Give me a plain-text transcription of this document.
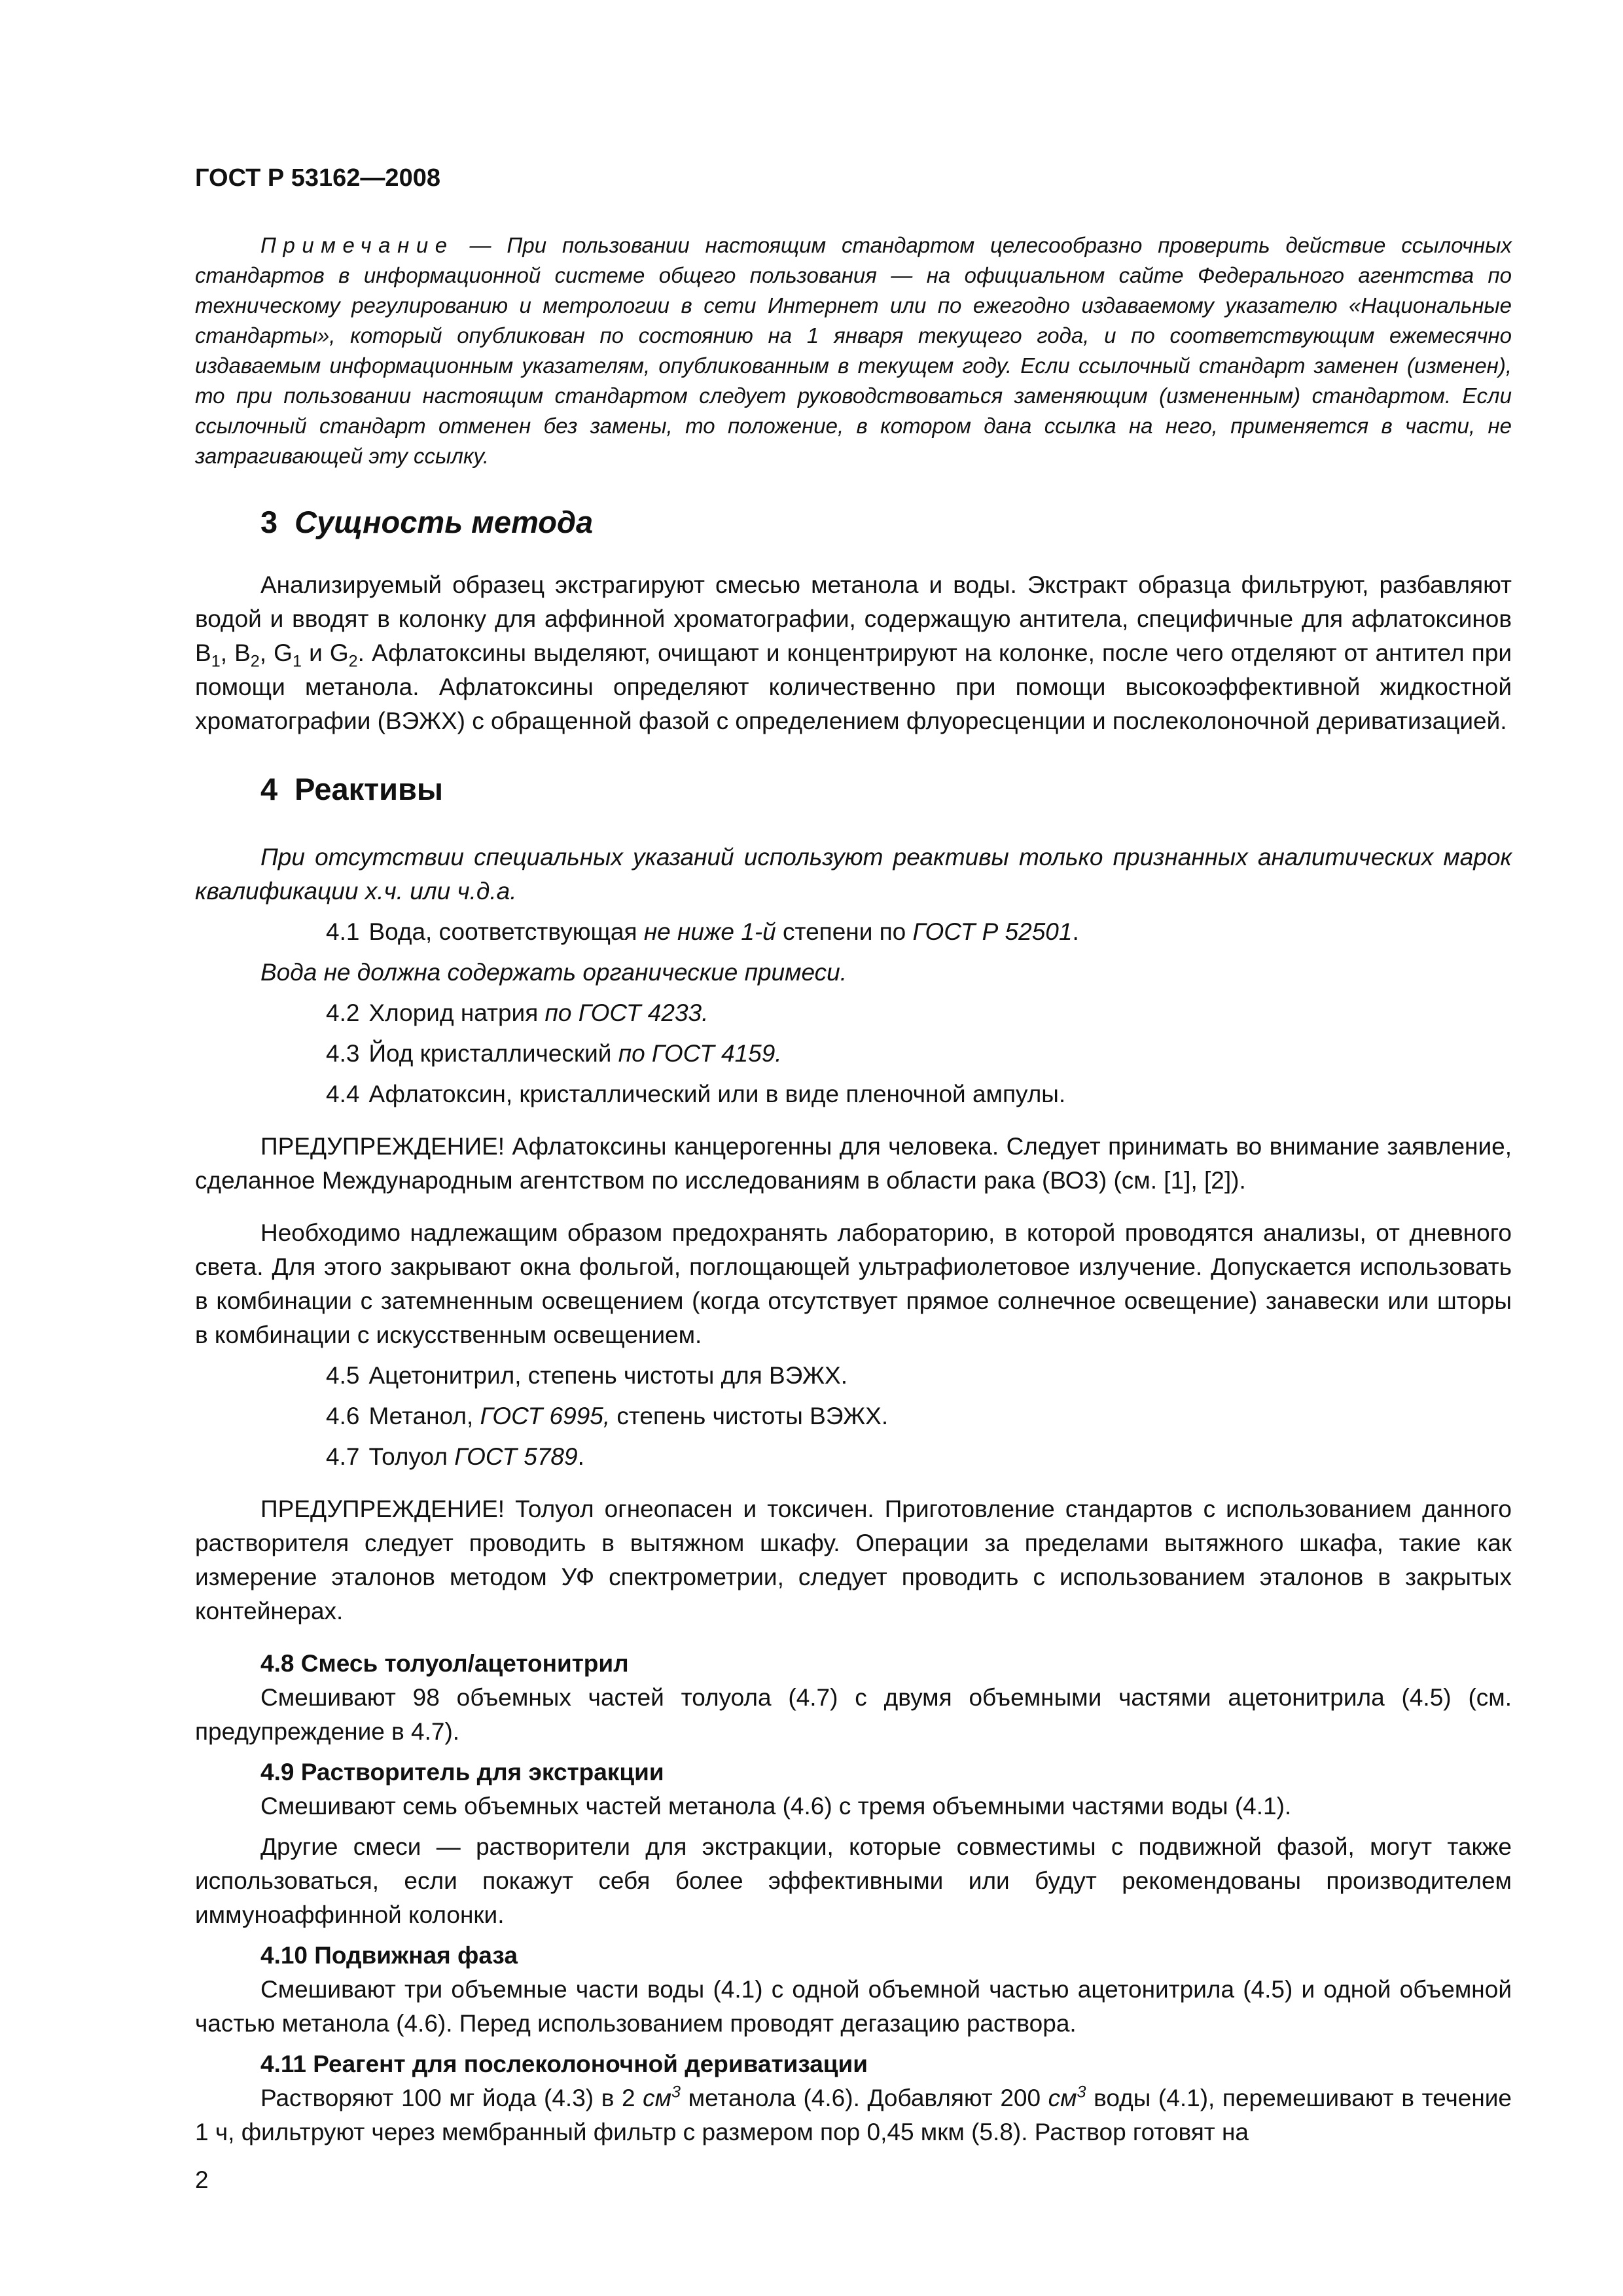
ГОСТ Р 53162—2008

Примечание — При пользовании настоящим стандартом целесообразно проверить действие ссылочных стандартов в информационной системе общего пользования — на официальном сайте Федерального агентства по техническому регулированию и метрологии в сети Интернет или по ежегодно издаваемому указателю «Национальные стандарты», который опубликован по состоянию на 1 января текущего года, и по соответствующим ежемесячно издаваемым информационным указателям, опубликованным в текущем году. Если ссылочный стандарт заменен (изменен), то при пользовании настоящим стандартом следует руководствоваться заменяющим (измененным) стандартом. Если ссылочный стандарт отменен без замены, то положение, в котором дана ссылка на него, применяется в части, не затрагивающей эту ссылку.

3 Сущность метода

Анализируемый образец экстрагируют смесью метанола и воды. Экстракт образца фильтруют, разбавляют водой и вводят в колонку для аффинной хроматографии, содержащую антитела, специфичные для афлатоксинов $B_1$, $B_2$, $G_1$ и $G_2$. Афлатоксины выделяют, очищают и концентрируют на колонке, после чего отделяют от антител при помощи метанола. Афлатоксины определяют количественно при помощи высокоэффективной жидкостной хроматографии (ВЭЖХ) с обращенной фазой с определением флуоресценции и послеколоночной дериватизацией.

4 Реактивы

При отсутствии специальных указаний используют реактивы только признанных аналитических марок квалификации х.ч. или ч.д.а.

4.1 Вода, соответствующая не ниже 1-й степени по ГОСТ Р 52501.
Вода не должна содержать органические примеси.
4.2 Хлорид натрия по ГОСТ 4233.
4.3 Йод кристаллический по ГОСТ 4159.
4.4 Афлатоксин, кристаллический или в виде пленочной ампулы.

ПРЕДУПРЕЖДЕНИЕ! Афлатоксины канцерогенны для человека. Следует принимать во внимание заявление, сделанное Международным агентством по исследованиям в области рака (ВОЗ) (см. [1], [2]).

Необходимо надлежащим образом предохранять лабораторию, в которой проводятся анализы, от дневного света. Для этого закрывают окна фольгой, поглощающей ультрафиолетовое излучение. Допускается использовать в комбинации с затемненным освещением (когда отсутствует прямое солнечное освещение) занавески или шторы в комбинации с искусственным освещением.

4.5 Ацетонитрил, степень чистоты для ВЭЖХ.
4.6 Метанол, ГОСТ 6995, степень чистоты ВЭЖХ.
4.7 Толуол ГОСТ 5789.

ПРЕДУПРЕЖДЕНИЕ! Толуол огнеопасен и токсичен. Приготовление стандартов с использованием данного растворителя следует проводить в вытяжном шкафу. Операции за пределами вытяжного шкафа, такие как измерение эталонов методом УФ спектрометрии, следует проводить с использованием эталонов в закрытых контейнерах.

4.8 Смесь толуол/ацетонитрил

Смешивают 98 объемных частей толуола (4.7) с двумя объемными частями ацетонитрила (4.5) (см. предупреждение в 4.7).

4.9 Растворитель для экстракции

Смешивают семь объемных частей метанола (4.6) с тремя объемными частями воды (4.1).

Другие смеси — растворители для экстракции, которые совместимы с подвижной фазой, могут также использоваться, если покажут себя более эффективными или будут рекомендованы производителем иммуноаффинной колонки.

4.10 Подвижная фаза

Смешивают три объемные части воды (4.1) с одной объемной частью ацетонитрила (4.5) и одной объемной частью метанола (4.6). Перед использованием проводят дегазацию раствора.

4.11 Реагент для послеколоночной дериватизации

Растворяют 100 мг йода (4.3) в 2 $см^3$ метанола (4.6). Добавляют 200 $см^3$ воды (4.1), перемешивают в течение 1 ч, фильтруют через мембранный фильтр с размером пор 0,45 мкм (5.8). Раствор готовят на

2
